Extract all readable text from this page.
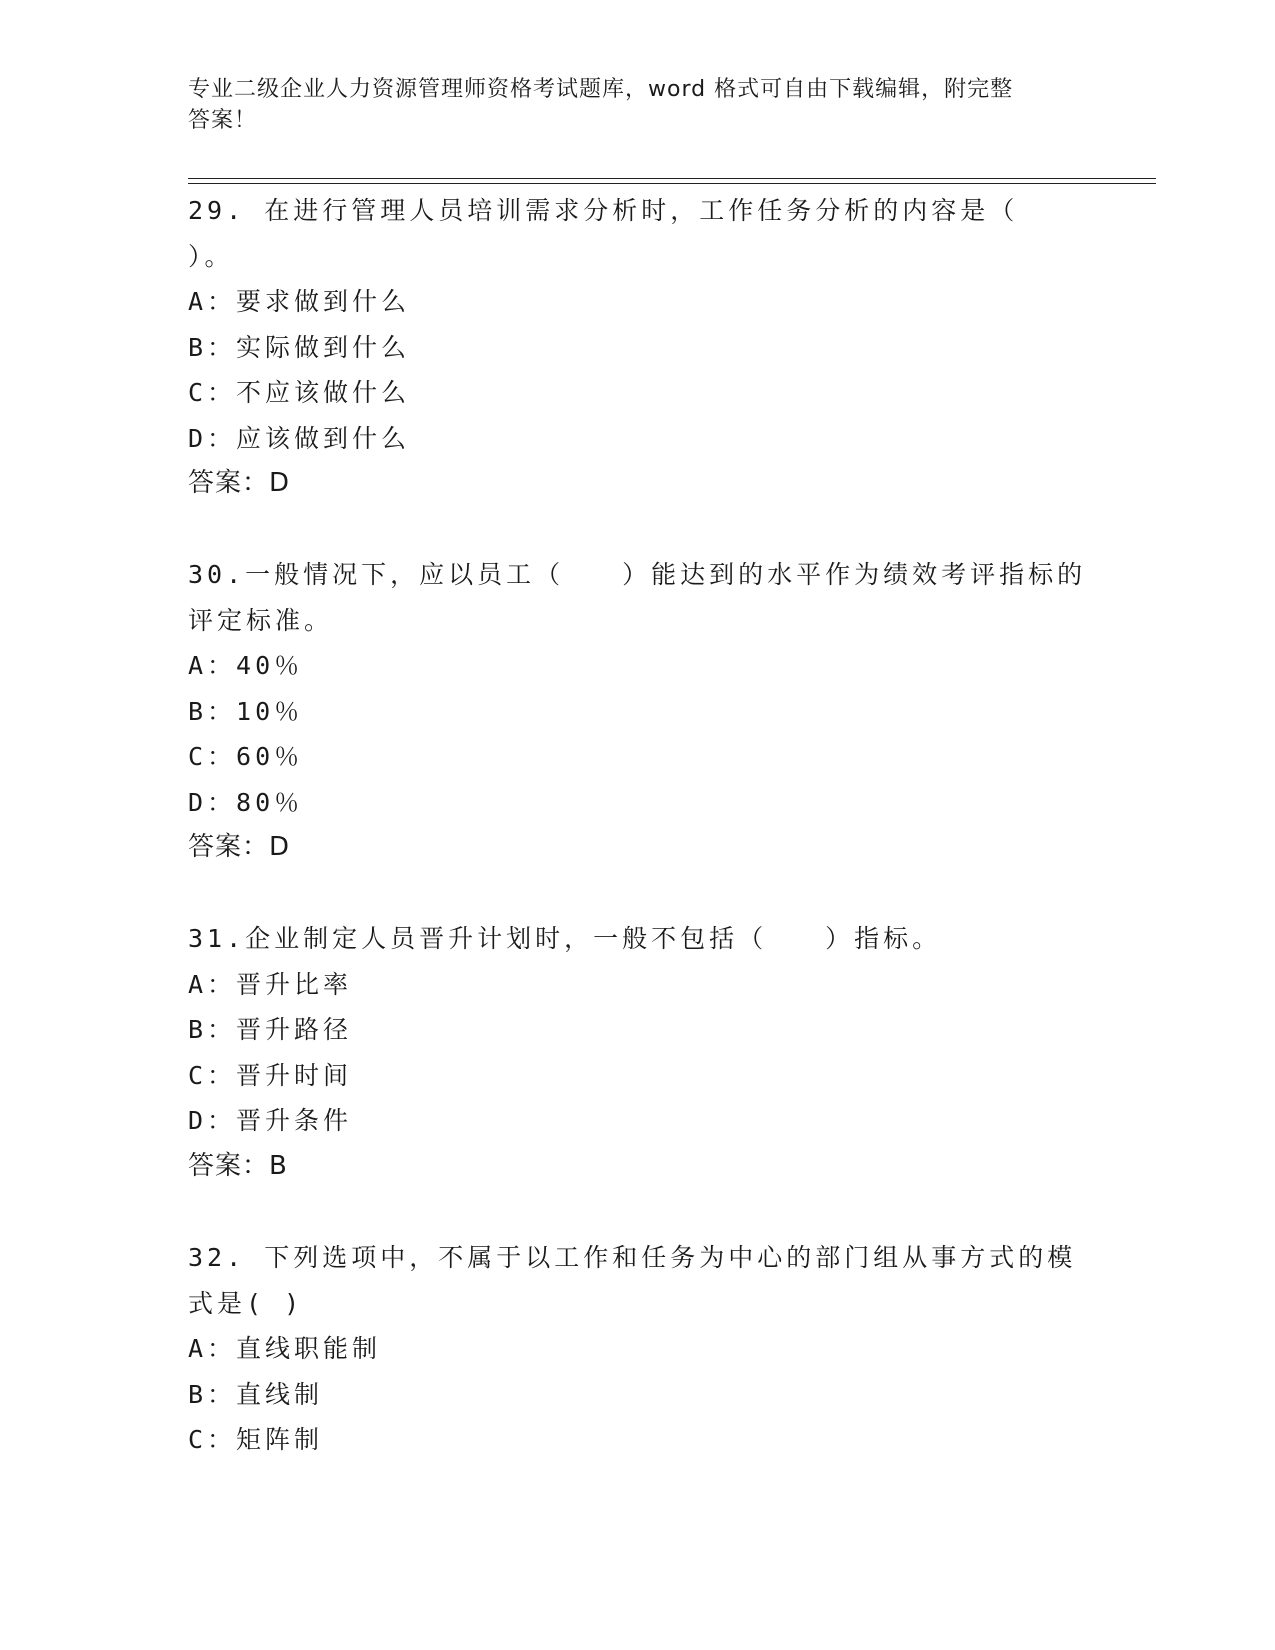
专业二级企业人力资源管理师资格考试题库，word 格式可自由下载编辑，附完整
答案！
29. 在进行管理人员培训需求分析时，工作任务分析的内容是（
）。
A：要求做到什么
B：实际做到什么
C：不应该做什么
D：应该做到什么
答案：D
30.一般情况下，应以员工（　　）能达到的水平作为绩效考评指标的
评定标准。
A：40％
B：10％
C：60％
D：80％
答案：D
31.企业制定人员晋升计划时，一般不包括（　　）指标。
A：晋升比率
B：晋升路径
C：晋升时间
D：晋升条件
答案：B
32. 下列选项中，不属于以工作和任务为中心的部门组从事方式的模
式是( )
A：直线职能制
B：直线制
C：矩阵制
